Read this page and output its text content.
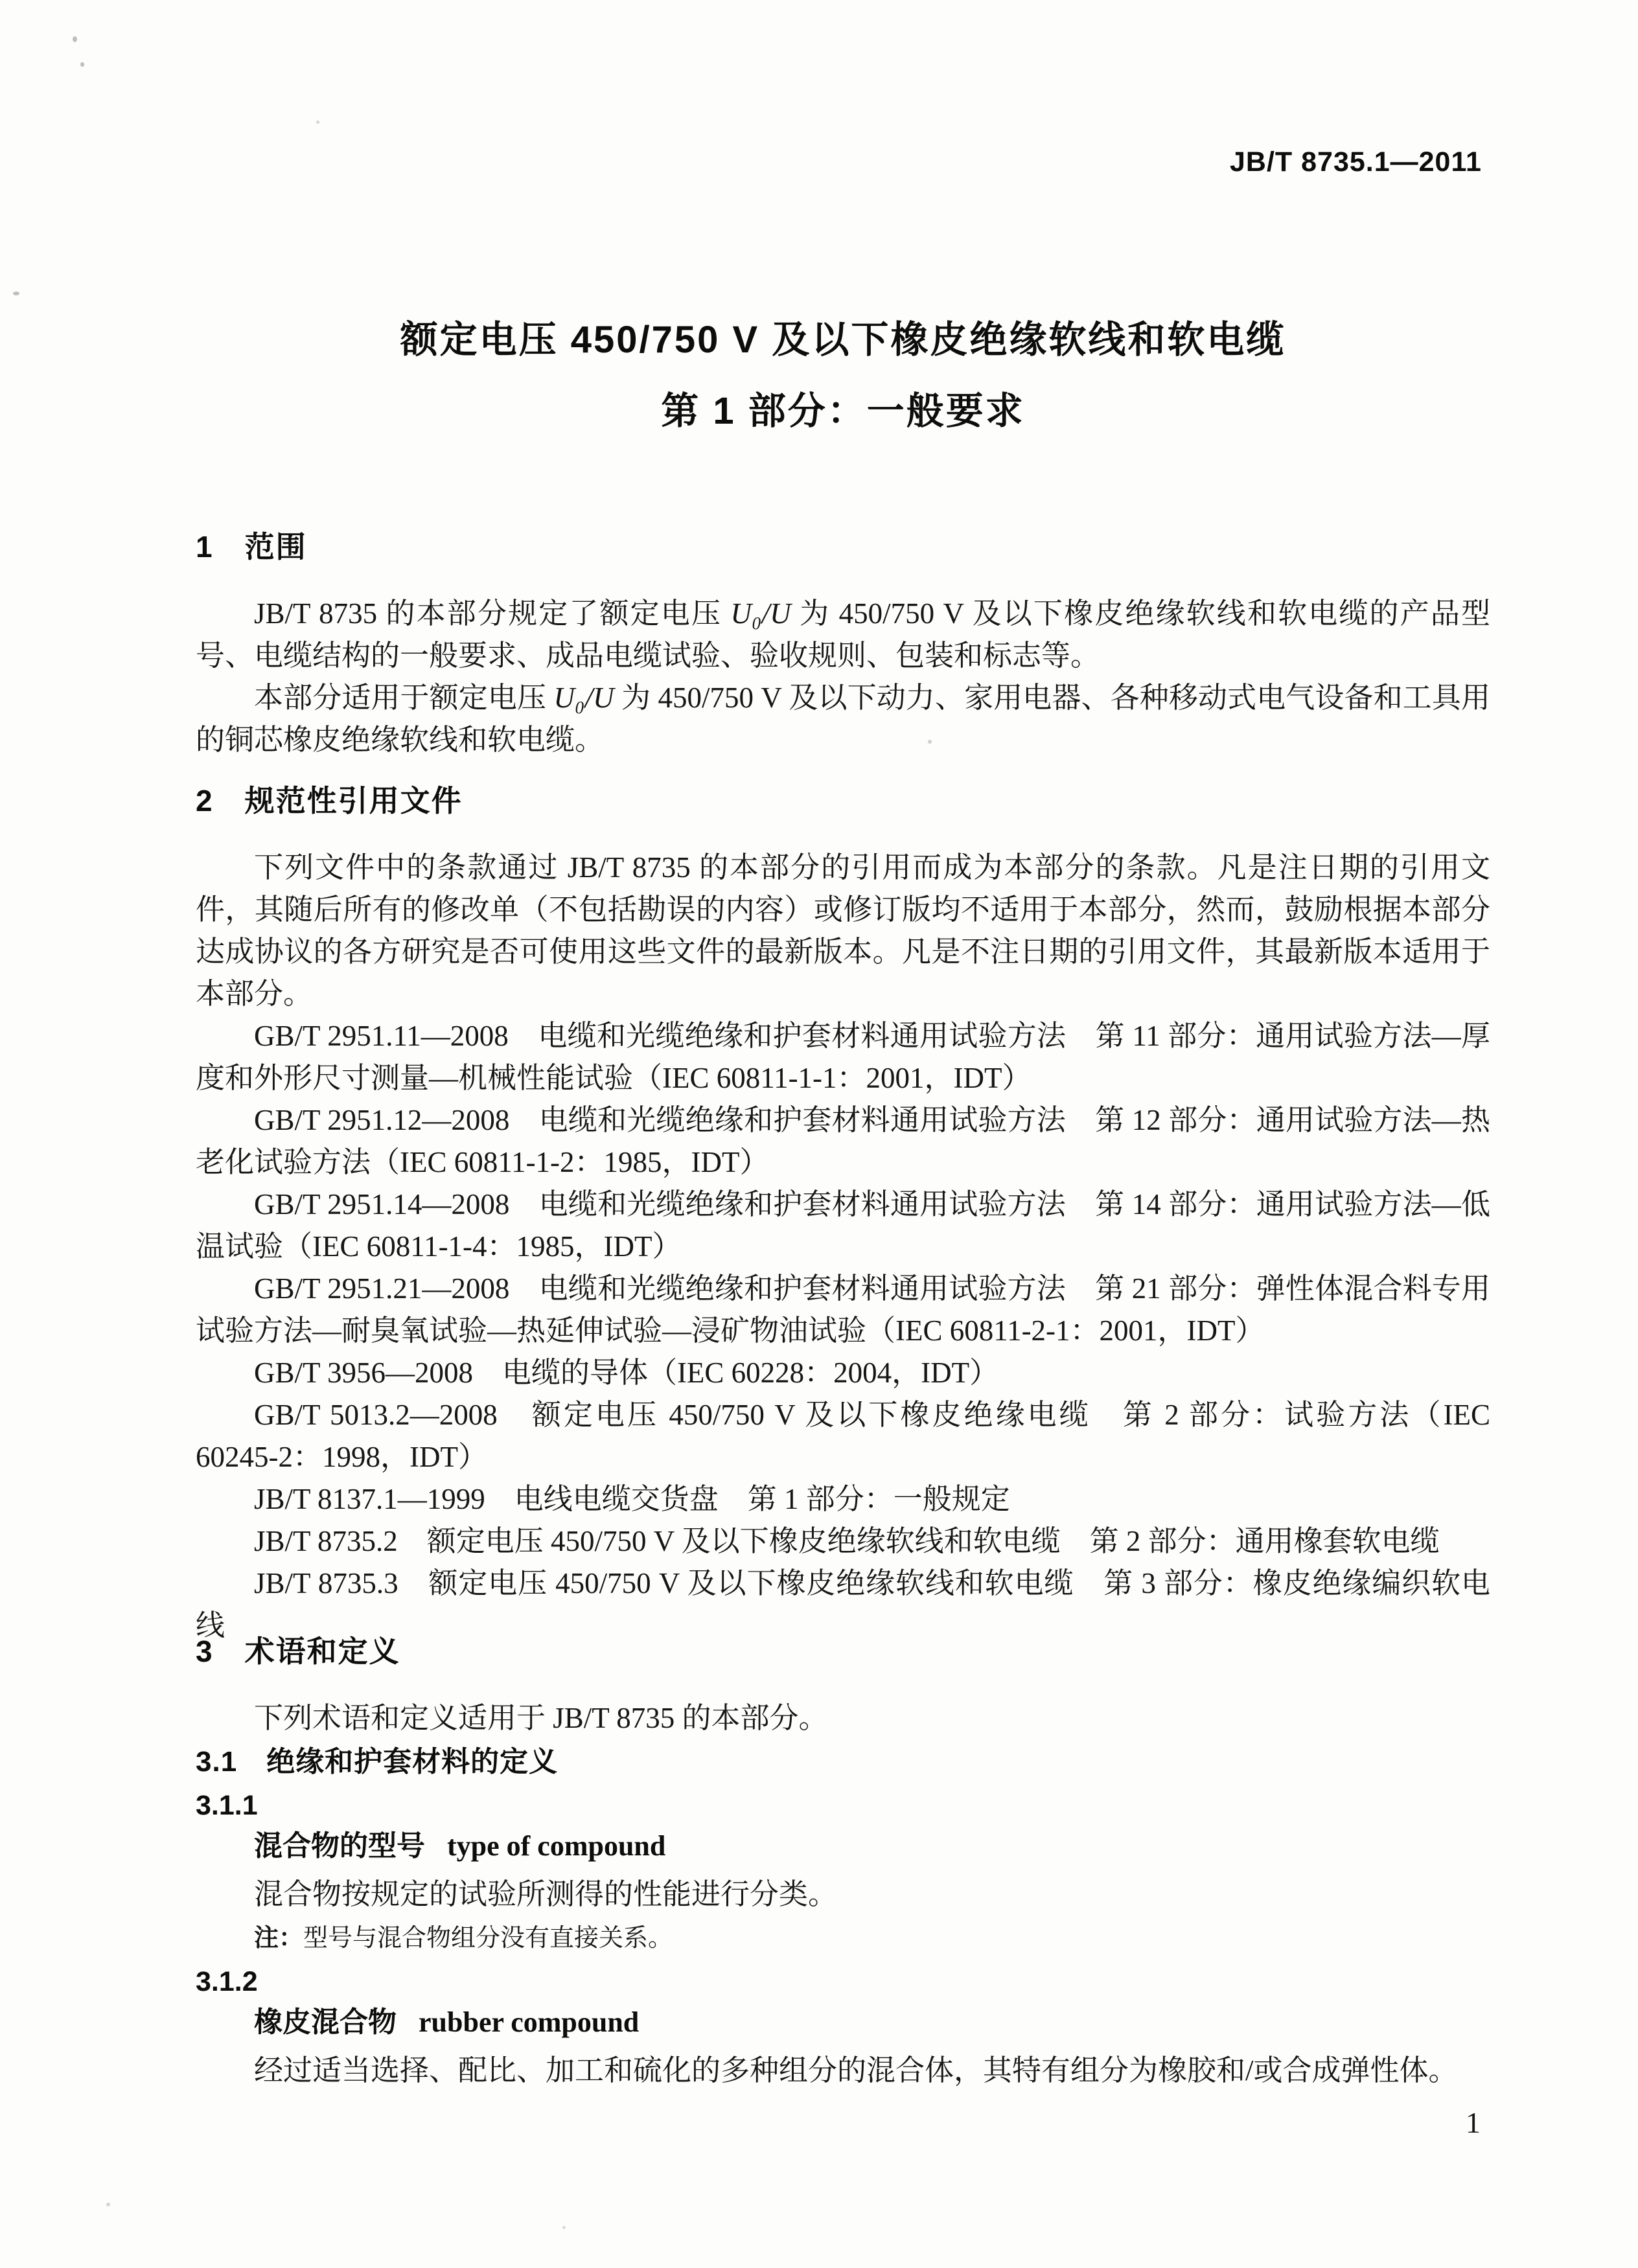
JB/T 8735.1—2011
额定电压 450/750 V 及以下橡皮绝缘软线和软电缆
第 1 部分：一般要求
1　范围

JB/T 8735 的本部分规定了额定电压 U₀/U 为 450/750 V 及以下橡皮绝缘软线和软电缆的产品型号、电缆结构的一般要求、成品电缆试验、验收规则、包装和标志等。

本部分适用于额定电压 U₀/U 为 450/750 V 及以下动力、家用电器、各种移动式电气设备和工具用的铜芯橡皮绝缘软线和软电缆。

2　规范性引用文件

下列文件中的条款通过 JB/T 8735 的本部分的引用而成为本部分的条款。凡是注日期的引用文件，其随后所有的修改单（不包括勘误的内容）或修订版均不适用于本部分，然而，鼓励根据本部分达成协议的各方研究是否可使用这些文件的最新版本。凡是不注日期的引用文件，其最新版本适用于本部分。

GB/T 2951.11—2008　电缆和光缆绝缘和护套材料通用试验方法　第 11 部分：通用试验方法—厚度和外形尺寸测量—机械性能试验（IEC 60811-1-1：2001，IDT）

GB/T 2951.12—2008　电缆和光缆绝缘和护套材料通用试验方法　第 12 部分：通用试验方法—热老化试验方法（IEC 60811-1-2：1985，IDT）

GB/T 2951.14—2008　电缆和光缆绝缘和护套材料通用试验方法　第 14 部分：通用试验方法—低温试验（IEC 60811-1-4：1985，IDT）

GB/T 2951.21—2008　电缆和光缆绝缘和护套材料通用试验方法　第 21 部分：弹性体混合料专用试验方法—耐臭氧试验—热延伸试验—浸矿物油试验（IEC 60811-2-1：2001，IDT）

GB/T 3956—2008　电缆的导体（IEC 60228：2004，IDT）

GB/T 5013.2—2008　额定电压 450/750 V 及以下橡皮绝缘电缆　第 2 部分：试验方法（IEC 60245-2：1998，IDT）

JB/T 8137.1—1999　电线电缆交货盘　第 1 部分：一般规定

JB/T 8735.2　额定电压 450/750 V 及以下橡皮绝缘软线和软电缆　第 2 部分：通用橡套软电缆

JB/T 8735.3　额定电压 450/750 V 及以下橡皮绝缘软线和软电缆　第 3 部分：橡皮绝缘编织软电线

3　术语和定义

下列术语和定义适用于 JB/T 8735 的本部分。

3.1　绝缘和护套材料的定义

3.1.1

混合物的型号 type of compound

混合物按规定的试验所测得的性能进行分类。

注：型号与混合物组分没有直接关系。

3.1.2

橡皮混合物 rubber compound

经过适当选择、配比、加工和硫化的多种组分的混合体，其特有组分为橡胶和/或合成弹性体。

1
